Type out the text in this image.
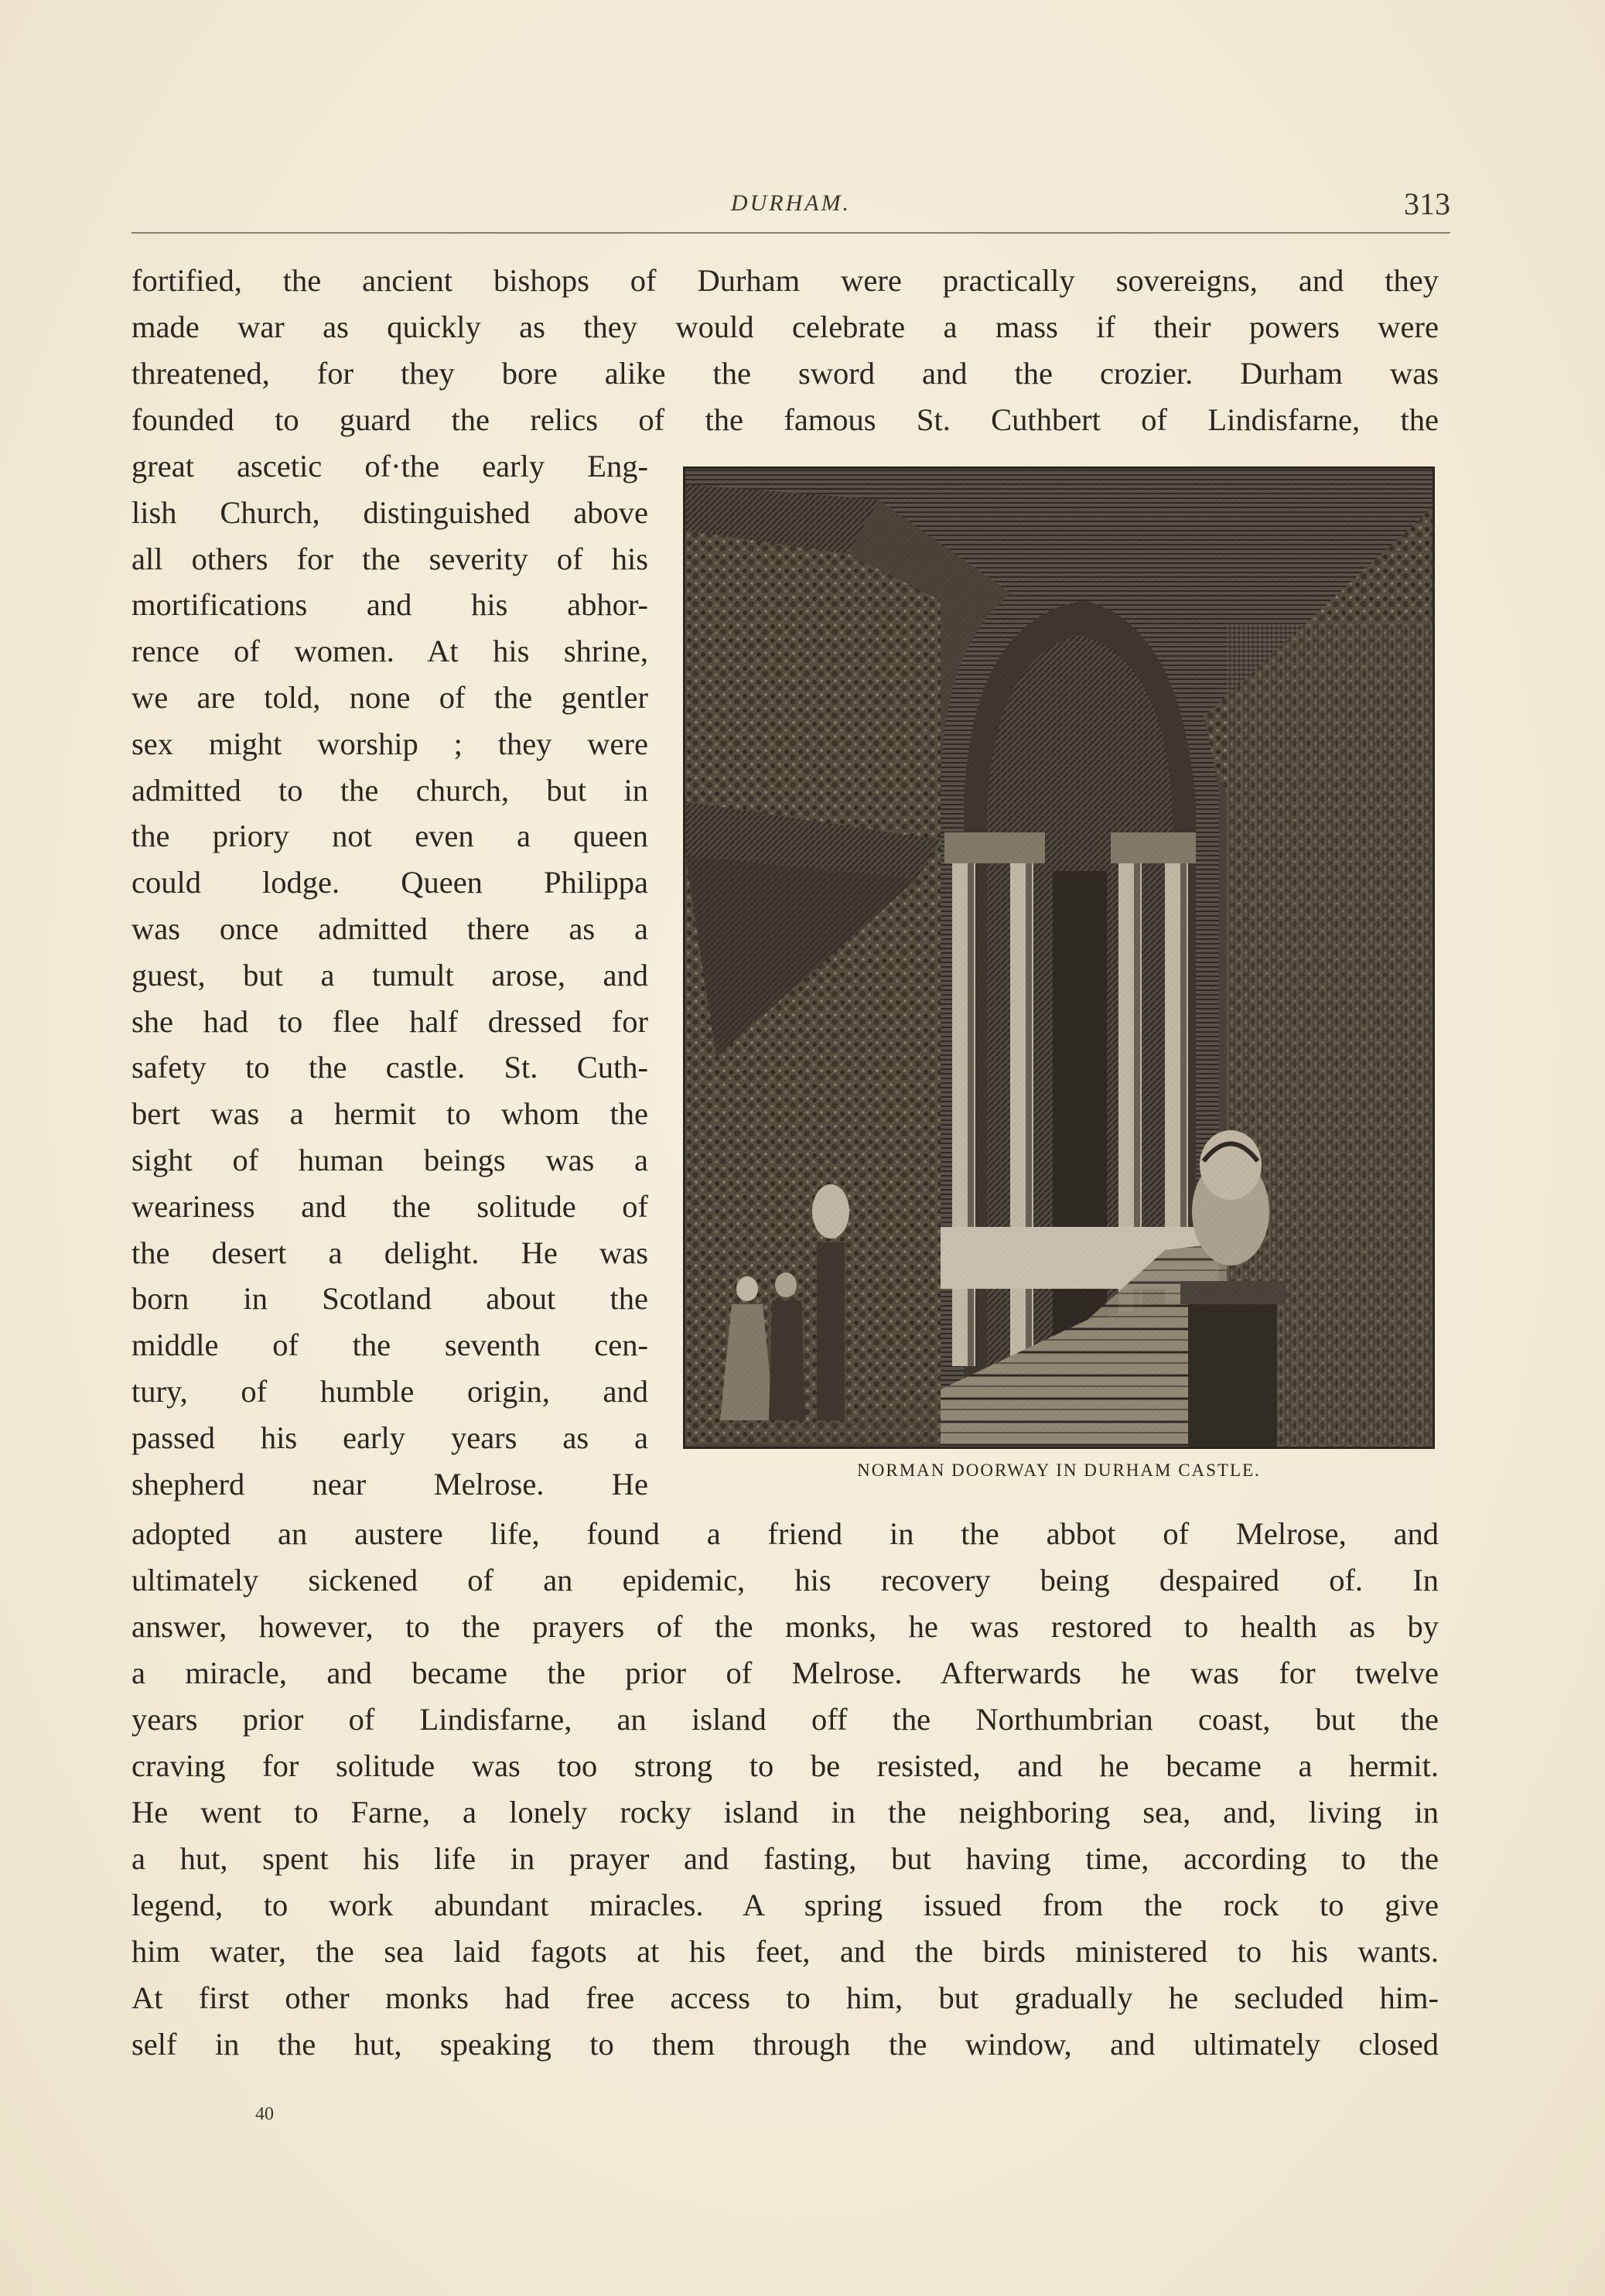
DURHAM.	313
fortified, the ancient bishops of Durham were practically sovereigns, and they
made war as quickly as they would celebrate a mass if their powers were
threatened, for they bore alike the sword and the crozier. Durham was
founded to guard the relics of the famous St. Cuthbert of Lindisfarne, the
great ascetic of·the early Eng-
lish Church, distinguished above
all others for the severity of his
mortifications and his abhor-
rence of women. At his shrine,
we are told, none of the gentler
sex might worship ; they were
admitted to the church, but in
the priory not even a queen
could lodge. Queen Philippa
was once admitted there as a
guest, but a tumult arose, and
she had to flee half dressed for
safety to the castle. St. Cuth-
bert was a hermit to whom the
sight of human beings was a
weariness and the solitude of
the desert a delight. He was
born in Scotland about the
middle of the seventh cen-
tury, of humble origin, and
passed his early years as a
shepherd near Melrose. He	NORMAN DOORWAY IN DURHAM CASTLE.
adopted an austere life, found a friend in the abbot of Melrose, and
ultimately sickened of an epidemic, his recovery being despaired of. In
answer, however, to the prayers of the monks, he was restored to health as by
a miracle, and became the prior of Melrose. Afterwards he was for twelve
years prior of Lindisfarne, an island off the Northumbrian coast, but the
craving for solitude was too strong to be resisted, and he became a hermit.
He went to Farne, a lonely rocky island in the neighboring sea, and, living in
a hut, spent his life in prayer and fasting, but having time, according to the
legend, to work abundant miracles. A spring issued from the rock to give
him water, the sea laid fagots at his feet, and the birds ministered to his wants.
At first other monks had free access to him, but gradually he secluded him-
self in the hut, speaking to them through the window, and ultimately closed
40
